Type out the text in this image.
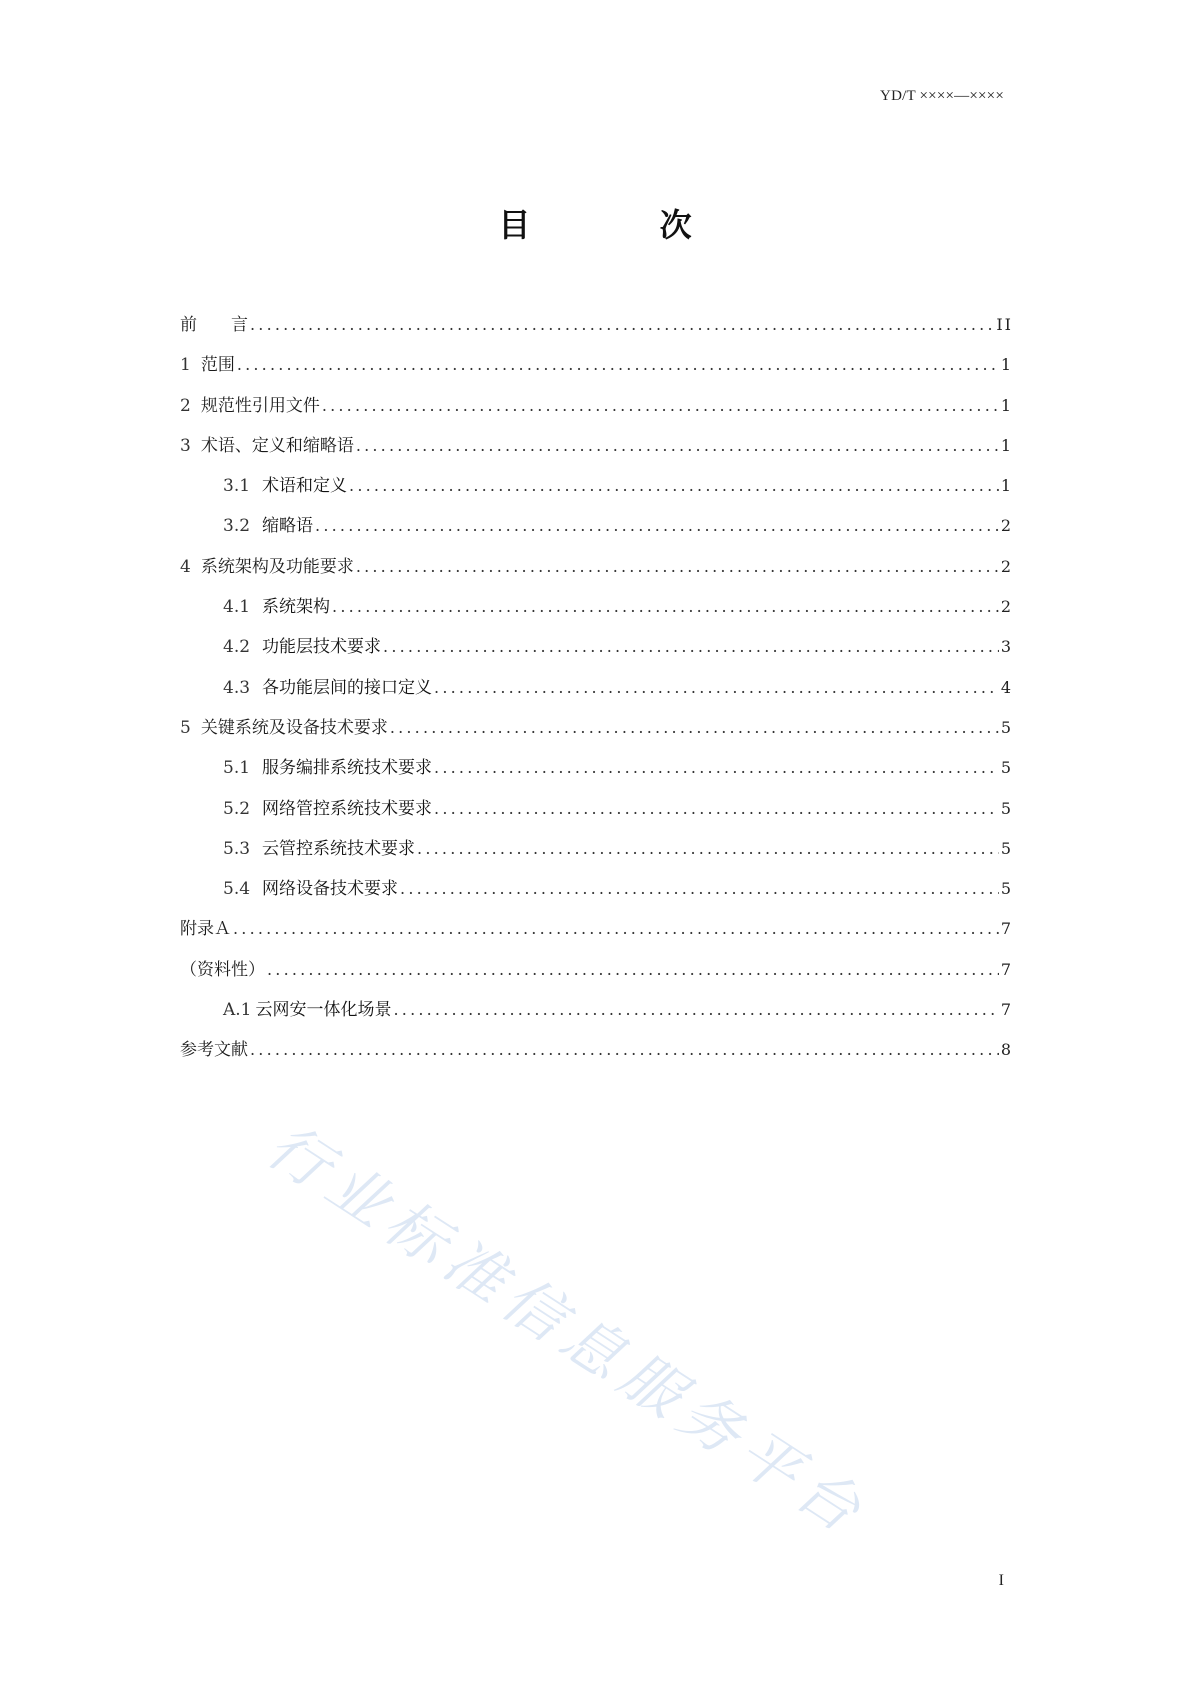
YD/T ××××—××××
目	次
前　　言 .....	II
1 范围 .....	1
2 规范性引用文件 .....	1
3 术语、定义和缩略语 .....	1
3.1 术语和定义 .....	1
3.2 缩略语 .....	2
4 系统架构及功能要求 .....	2
4.1 系统架构 .....	2
4.2 功能层技术要求 .....	3
4.3 各功能层间的接口定义 .....	4
5 关键系统及设备技术要求 .....	5
5.1 服务编排系统技术要求 .....	5
5.2 网络管控系统技术要求 .....	5
5.3 云管控系统技术要求 .....	5
5.4 网络设备技术要求 .....	5
附录Ａ .....	7
（资料性） .....	7
A.1 云网安一体化场景 .....	7
参考文献 .....	8
行业标准信息服务平台
I
